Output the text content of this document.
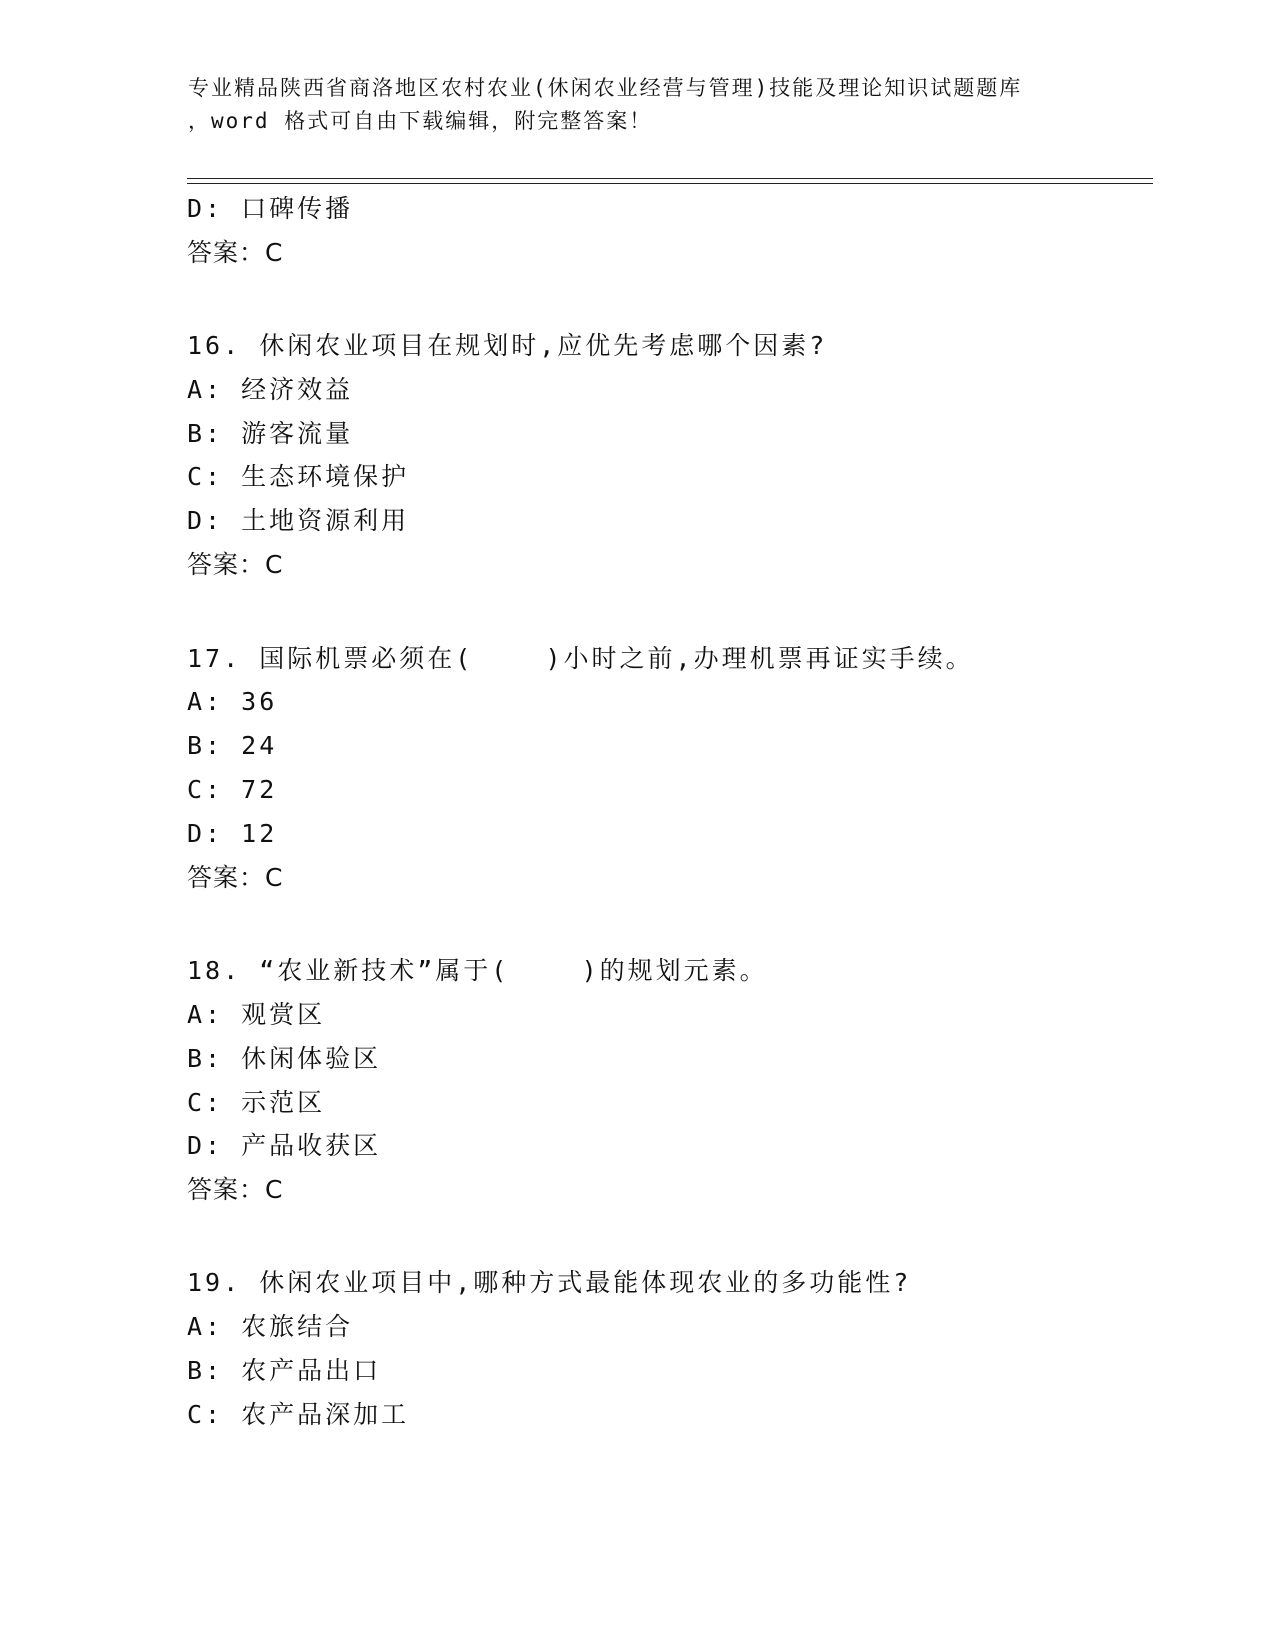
专业精品陕西省商洛地区农村农业(休闲农业经营与管理)技能及理论知识试题题库
，word 格式可自由下载编辑，附完整答案！
D: 口碑传播
答案：C
16. 休闲农业项目在规划时,应优先考虑哪个因素?
A: 经济效益
B: 游客流量
C: 生态环境保护
D: 土地资源利用
答案：C
17. 国际机票必须在(    )小时之前,办理机票再证实手续。
A: 36
B: 24
C: 72
D: 12
答案：C
18. “农业新技术”属于(    )的规划元素。
A: 观赏区
B: 休闲体验区
C: 示范区
D: 产品收获区
答案：C
19. 休闲农业项目中,哪种方式最能体现农业的多功能性?
A: 农旅结合
B: 农产品出口
C: 农产品深加工
